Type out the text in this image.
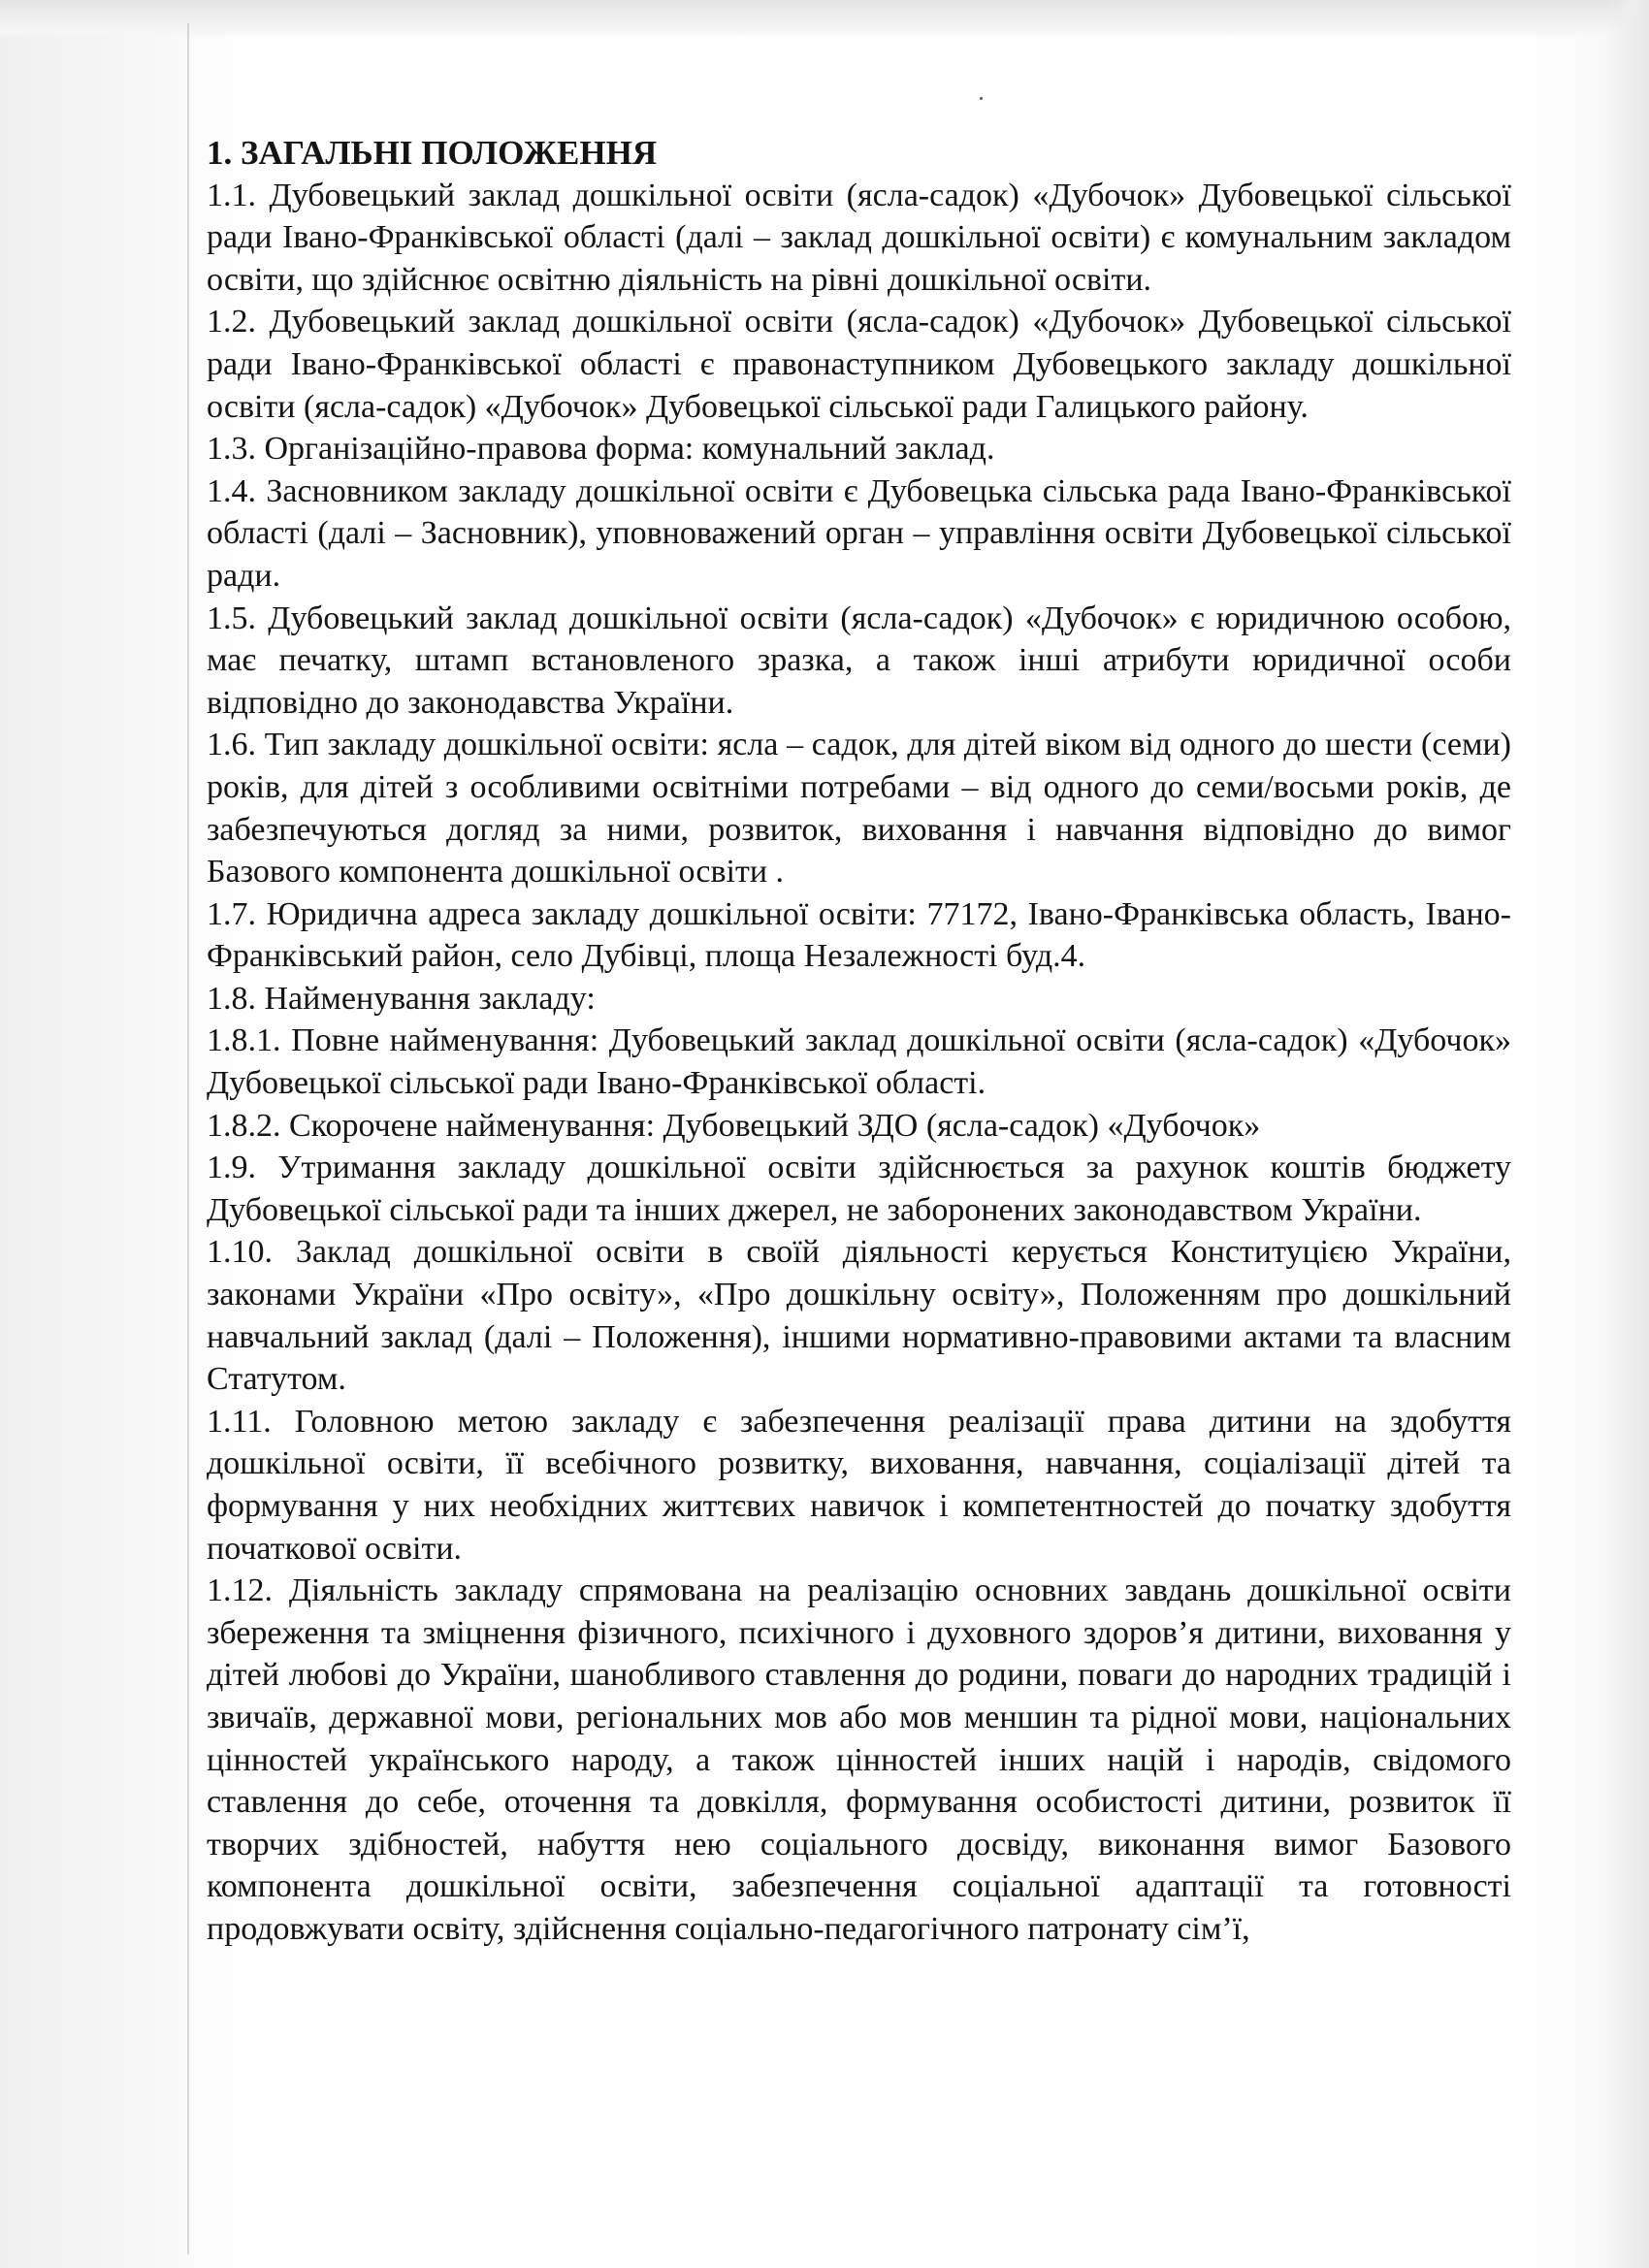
1. ЗАГАЛЬНІ ПОЛОЖЕННЯ

1.1. Дубовецький заклад дошкільної освіти (ясла-садок) «Дубочок» Дубовецької сільської ради Івано-Франківської області (далі – заклад дошкільної освіти) є комунальним закладом освіти, що здійснює освітню діяльність на рівні дошкільної освіти.

1.2. Дубовецький заклад дошкільної освіти (ясла-садок) «Дубочок» Дубовецької сільської ради Івано-Франківської області є правонаступником Дубовецького закладу дошкільної освіти (ясла-садок) «Дубочок» Дубовецької сільської ради Галицького району.

1.3. Організаційно-правова форма: комунальний заклад.

1.4. Засновником закладу дошкільної освіти є Дубовецька сільська рада Івано-Франківської області (далі – Засновник), уповноважений орган – управління освіти Дубовецької сільської ради.

1.5. Дубовецький заклад дошкільної освіти (ясла-садок) «Дубочок» є юридичною особою, має печатку, штамп встановленого зразка, а також інші атрибути юридичної особи відповідно до законодавства України.

1.6. Тип закладу дошкільної освіти: ясла – садок, для дітей віком від одного до шести (семи) років, для дітей з особливими освітніми потребами – від одного до семи/восьми років, де забезпечуються догляд за ними, розвиток, виховання і навчання відповідно до вимог Базового компонента дошкільної освіти .

1.7. Юридична адреса закладу дошкільної освіти: 77172, Івано-Франківська область, Івано-Франківський район, село Дубівці, площа Незалежності буд.4.

1.8. Найменування закладу:

1.8.1. Повне найменування: Дубовецький заклад дошкільної освіти (ясла-садок) «Дубочок» Дубовецької сільської ради Івано-Франківської області.

1.8.2. Скорочене найменування: Дубовецький ЗДО (ясла-садок) «Дубочок»

1.9. Утримання закладу дошкільної освіти здійснюється за рахунок коштів бюджету Дубовецької сільської ради та інших джерел, не заборонених законодавством України.

1.10. Заклад дошкільної освіти в своїй діяльності керується Конституцією України, законами України «Про освіту», «Про дошкільну освіту», Положенням про дошкільний навчальний заклад (далі – Положення), іншими нормативно-правовими актами та власним Статутом.

1.11. Головною метою закладу є забезпечення реалізації права дитини на здобуття дошкільної освіти, її всебічного розвитку, виховання, навчання, соціалізації дітей та формування у них необхідних життєвих навичок і компетентностей до початку здобуття початкової освіти.

1.12. Діяльність закладу спрямована на реалізацію основних завдань дошкільної освіти збереження та зміцнення фізичного, психічного і духовного здоров’я дитини, виховання у дітей любові до України, шанобливого ставлення до родини, поваги до народних традицій і звичаїв, державної мови, регіональних мов або мов меншин та рідної мови, національних цінностей українського народу, а також цінностей інших націй і народів, свідомого ставлення до себе, оточення та довкілля, формування особистості дитини, розвиток її творчих здібностей, набуття нею соціального досвіду, виконання вимог Базового компонента дошкільної освіти, забезпечення соціальної адаптації та готовності продовжувати освіту, здійснення соціально-педагогічного патронату сім’ї,
